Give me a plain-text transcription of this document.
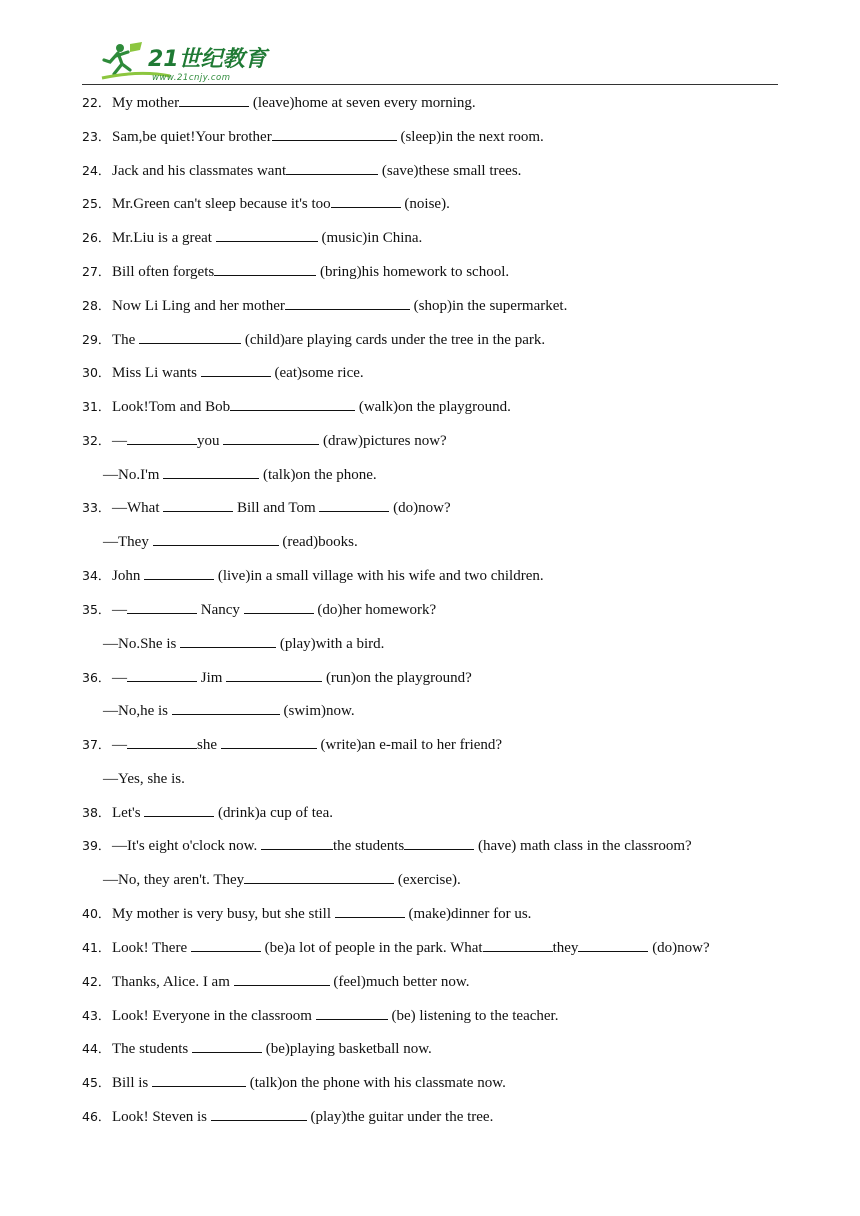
21世纪教育
www.21cnjy.com
22． My mother	(leave)home at seven every morning.
23． Sam,be quiet!Your brother	(sleep)in the next room.
24． Jack and his classmates want	(save)these small trees.
25． Mr.Green can't sleep because it's too	(noise).
26． Mr.Liu is a great	(music)in China.
27． Bill often forgets	(bring)his homework to school.
28． Now Li Ling and her mother	(shop)in the supermarket.
29． The	(child)are playing cards under the tree in the park.
30． Miss Li wants	(eat)some rice.
31． Look!Tom and Bob	(walk)on the playground.
32． —	you	(draw)pictures now?
—No.I'm	(talk)on the phone.
33． —What	Bill and Tom	(do)now?
—They	(read)books.
34． John	(live)in a small village with his wife and two children.
35． —	Nancy	(do)her homework?
—No.She is	(play)with a bird.
36． —	Jim	(run)on the playground?
—No,he is	(swim)now.
37． —	she	(write)an e-mail to her friend?
—Yes, she is.
38． Let's	(drink)a cup of tea.
39． —It's eight o'clock now.	the students	(have) math class in the classroom?
—No, they aren't. They	(exercise).
40． My mother is very busy, but she still	(make)dinner for us.
41． Look! There	(be)a lot of people in the park. What	they	(do)now?
42． Thanks, Alice. I am	(feel)much better now.
43． Look! Everyone in the classroom	(be) listening to the teacher.
44． The students	(be)playing basketball now.
45． Bill is	(talk)on the phone with his classmate now.
46． Look! Steven is	(play)the guitar under the tree.
